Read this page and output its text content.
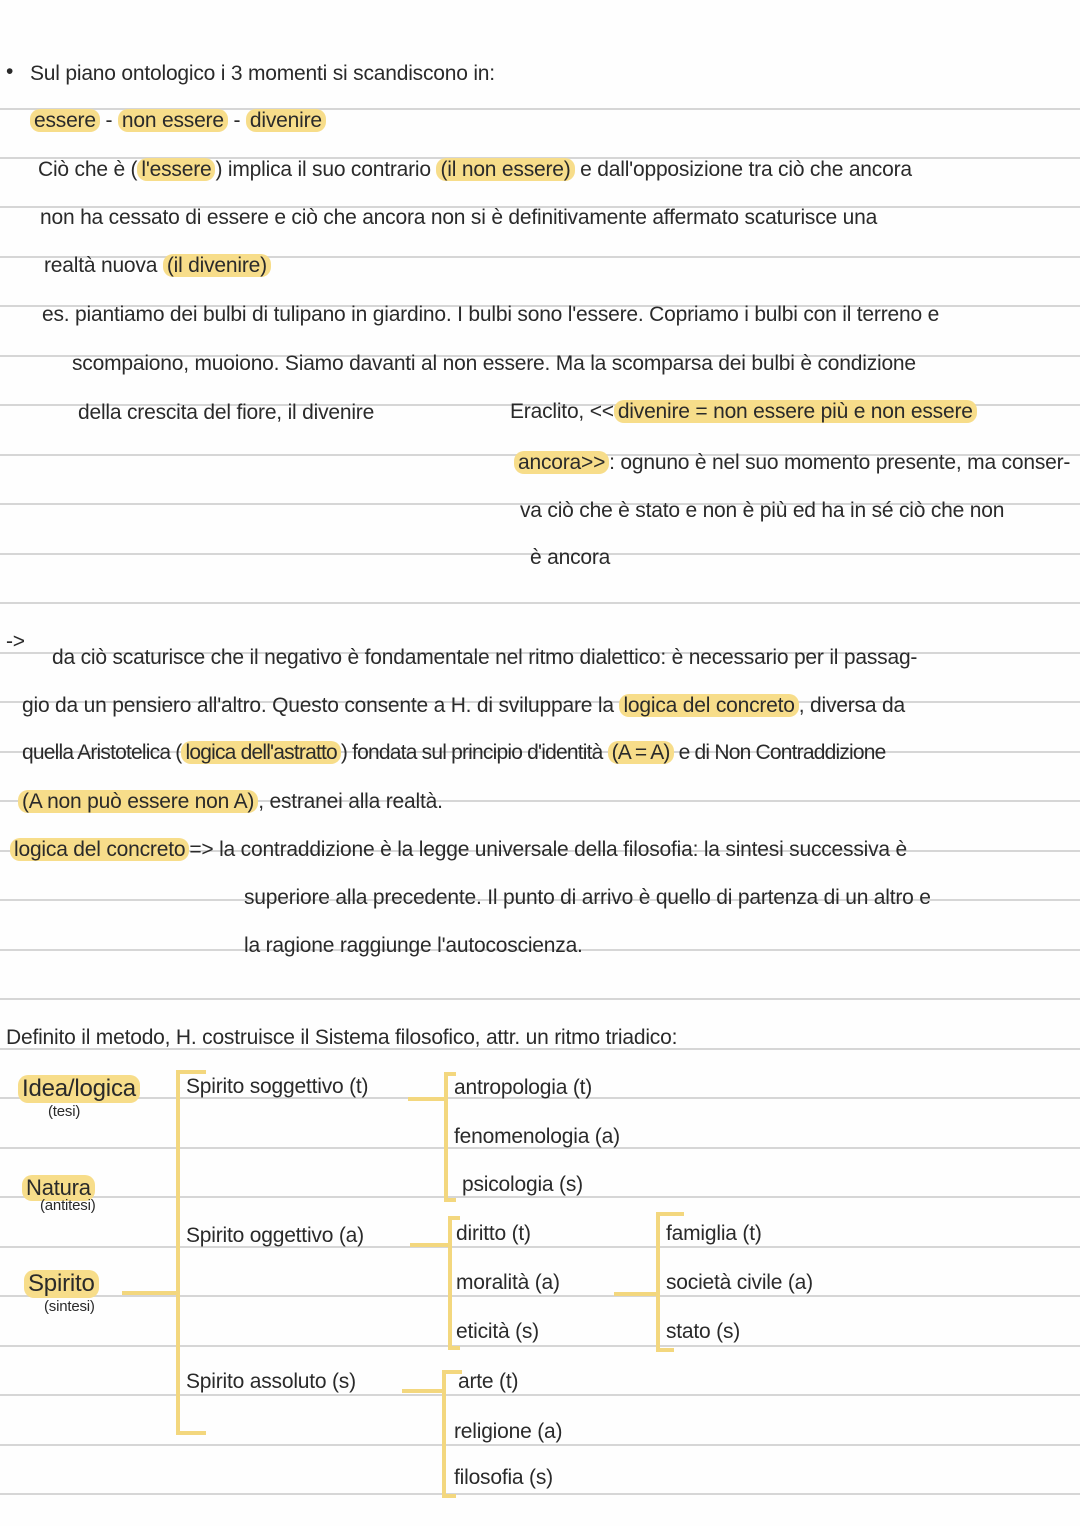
• Sul piano ontologico i 3 momenti si scandiscono in:
essere - non essere - divenire
Ciò che è ( l'essere ) implica il suo contrario (il non essere) e dall'opposizione tra ciò che ancora
non ha cessato di essere e ciò che ancora non si è definitivamente affermato scaturisce una
realtà nuova (il divenire)
es. piantiamo dei bulbi di tulipano in giardino. I bulbi sono l'essere. Copriamo i bulbi con il terreno e
scompaiono, muoiono. Siamo davanti al non essere. Ma la scomparsa dei bulbi è condizione
della crescita del fiore, il divenire	Eraclito, << divenire = non essere più e non essere
ancora>> : ognuno è nel suo momento presente, ma conser-
va ciò che è stato e non è più ed ha in sé ciò che non
è ancora
->
da ciò scaturisce che il negativo è fondamentale nel ritmo dialettico: è necessario per il passag-
gio da un pensiero all'altro. Questo consente a H. di sviluppare la logica del concreto , diversa da
quella Aristotelica ( logica dell'astratto ) fondata sul principio d'identità (A = A) e di Non Contraddizione
(A non può essere non A) , estranei alla realtà.
logica del concreto => la contraddizione è la legge universale della filosofia: la sintesi successiva è
superiore alla precedente. Il punto di arrivo è quello di partenza di un altro e
la ragione raggiunge l'autocoscienza.
Definito il metodo, H. costruisce il Sistema filosofico, attr. un ritmo triadico:
Idea/logica
(tesi)
Natura
(antitesi)
Spirito
(sintesi)
Spirito soggettivo (t)	antropologia (t)
fenomenologia (a)
psicologia (s)
Spirito oggettivo (a)	diritto (t)
moralità (a)
eticità (s)
famiglia (t)
società civile (a)
stato (s)
Spirito assoluto (s)	arte (t)
religione (a)
filosofia (s)
